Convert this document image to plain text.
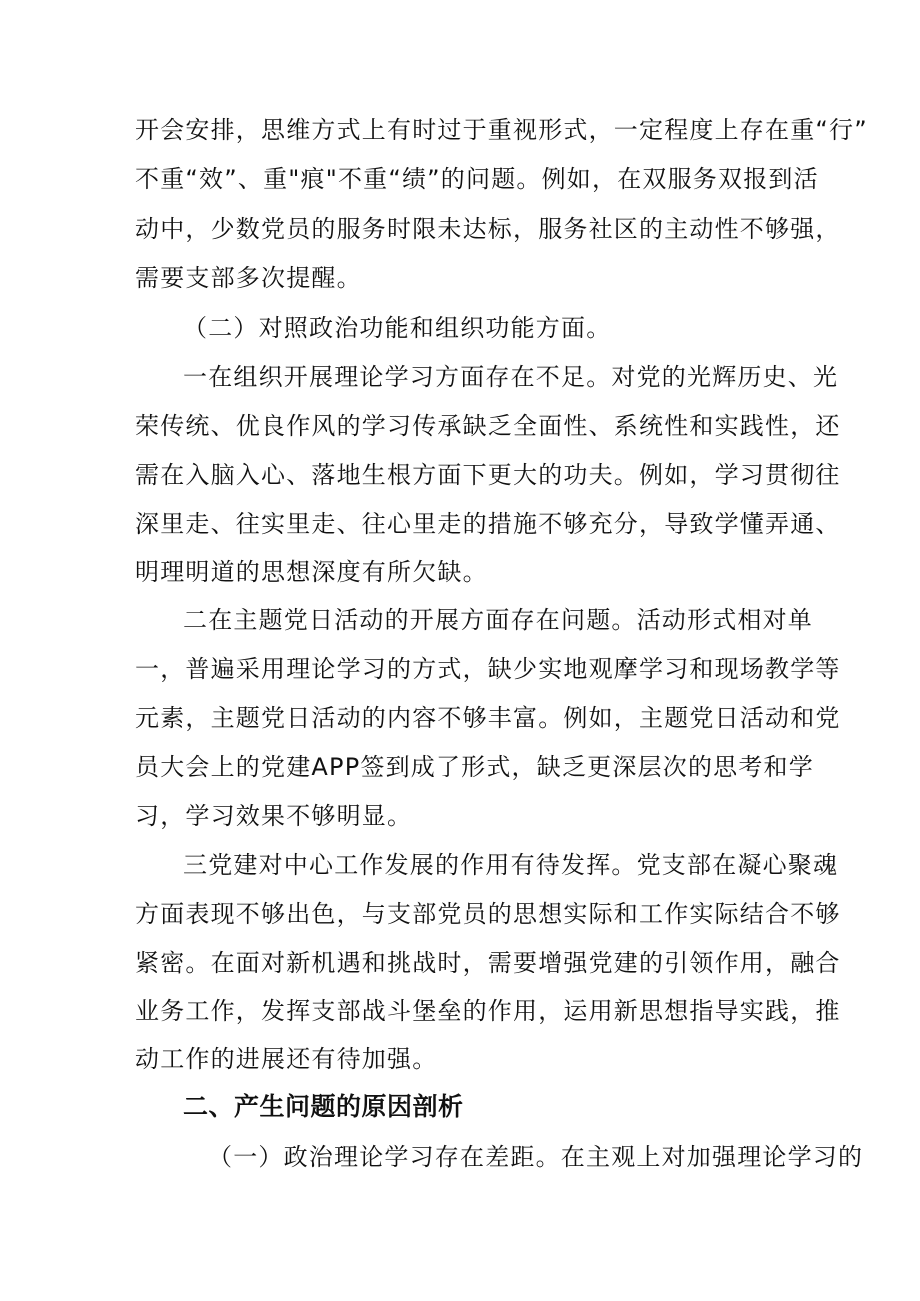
开会安排，思维方式上有时过于重视形式，一定程度上存在重“行”
不重“效”、重"痕"不重“绩”的问题。例如，在双服务双报到活
动中，少数党员的服务时限未达标，服务社区的主动性不够强，
需要支部多次提醒。
（二）对照政治功能和组织功能方面。
一在组织开展理论学习方面存在不足。对党的光辉历史、光
荣传统、优良作风的学习传承缺乏全面性、系统性和实践性，还
需在入脑入心、落地生根方面下更大的功夫。例如，学习贯彻往
深里走、往实里走、往心里走的措施不够充分，导致学懂弄通、
明理明道的思想深度有所欠缺。
二在主题党日活动的开展方面存在问题。活动形式相对单
一，普遍采用理论学习的方式，缺少实地观摩学习和现场教学等
元素，主题党日活动的内容不够丰富。例如，主题党日活动和党
员大会上的党建APP签到成了形式，缺乏更深层次的思考和学
习，学习效果不够明显。
三党建对中心工作发展的作用有待发挥。党支部在凝心聚魂
方面表现不够出色，与支部党员的思想实际和工作实际结合不够
紧密。在面对新机遇和挑战时，需要增强党建的引领作用，融合
业务工作，发挥支部战斗堡垒的作用，运用新思想指导实践，推
动工作的进展还有待加强。
二、产生问题的原因剖析
（一）政治理论学习存在差距。在主观上对加强理论学习的
